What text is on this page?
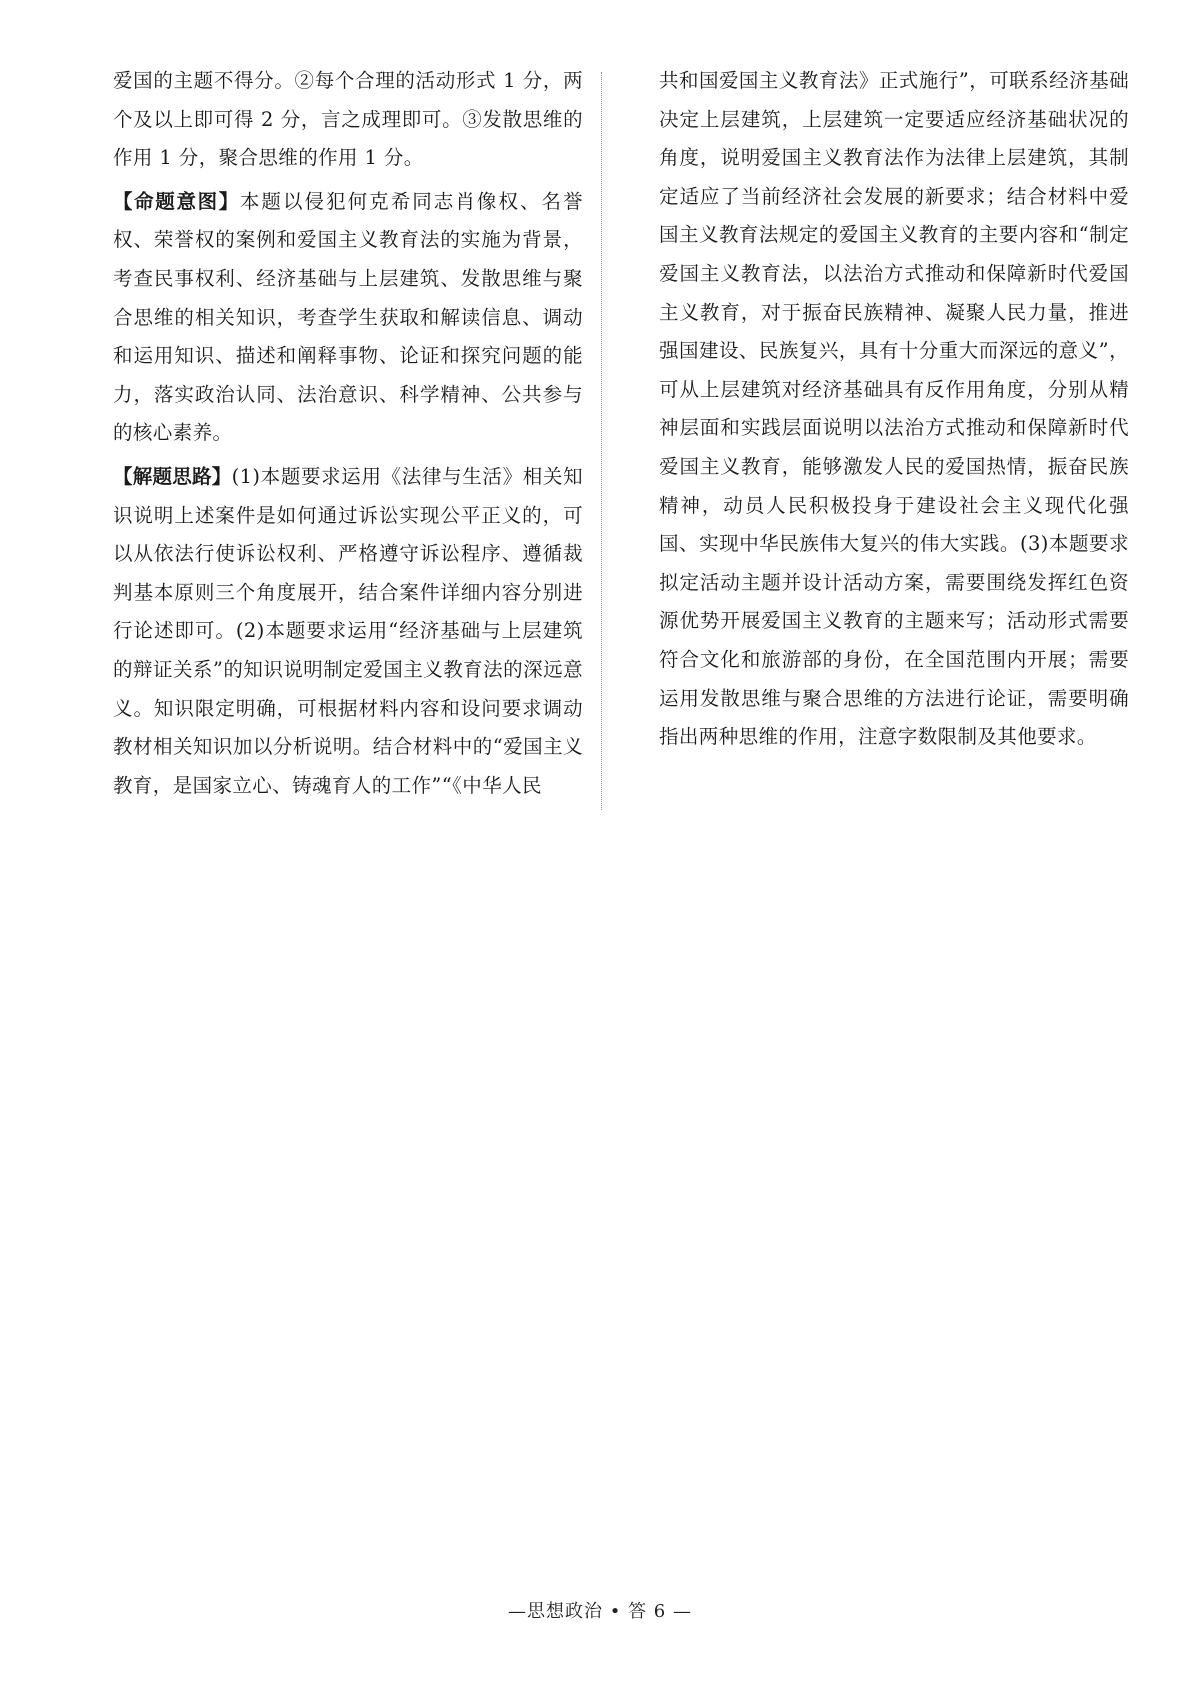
爱国的主题不得分。②每个合理的活动形式 1 分，两个及以上即可得 2 分，言之成理即可。③发散思维的作用 1 分，聚合思维的作用 1 分。

【命题意图】本题以侵犯何克希同志肖像权、名誉权、荣誉权的案例和爱国主义教育法的实施为背景，考查民事权利、经济基础与上层建筑、发散思维与聚合思维的相关知识，考查学生获取和解读信息、调动和运用知识、描述和阐释事物、论证和探究问题的能力，落实政治认同、法治意识、科学精神、公共参与的核心素养。

【解题思路】(1)本题要求运用《法律与生活》相关知识说明上述案件是如何通过诉讼实现公平正义的，可以从依法行使诉讼权利、严格遵守诉讼程序、遵循裁判基本原则三个角度展开，结合案件详细内容分别进行论述即可。(2)本题要求运用“经济基础与上层建筑的辩证关系”的知识说明制定爱国主义教育法的深远意义。知识限定明确，可根据材料内容和设问要求调动教材相关知识加以分析说明。结合材料中的“爱国主义教育，是国家立心、铸魂育人的工作”“《中华人民

共和国爱国主义教育法》正式施行”，可联系经济基础决定上层建筑，上层建筑一定要适应经济基础状况的角度，说明爱国主义教育法作为法律上层建筑，其制定适应了当前经济社会发展的新要求；结合材料中爱国主义教育法规定的爱国主义教育的主要内容和“制定爱国主义教育法，以法治方式推动和保障新时代爱国主义教育，对于振奋民族精神、凝聚人民力量，推进强国建设、民族复兴，具有十分重大而深远的意义”，可从上层建筑对经济基础具有反作用角度，分别从精神层面和实践层面说明以法治方式推动和保障新时代爱国主义教育，能够激发人民的爱国热情，振奋民族精神，动员人民积极投身于建设社会主义现代化强国、实现中华民族伟大复兴的伟大实践。(3)本题要求拟定活动主题并设计活动方案，需要围绕发挥红色资源优势开展爱国主义教育的主题来写；活动形式需要符合文化和旅游部的身份，在全国范围内开展；需要运用发散思维与聚合思维的方法进行论证，需要明确指出两种思维的作用，注意字数限制及其他要求。

—思想政治 • 答 6 —
